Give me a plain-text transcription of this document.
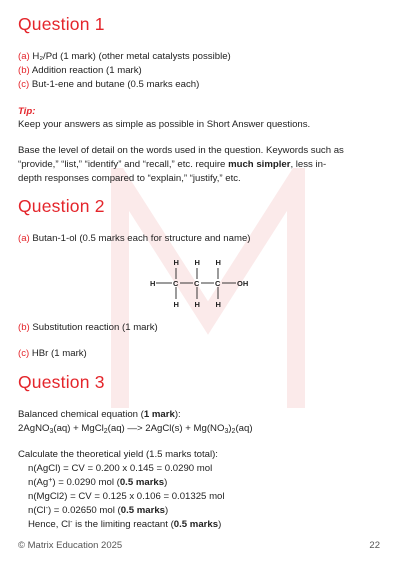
Question 1

(a) H₂/Pd (1 mark) (other metal catalysts possible)

(b) Addition reaction (1 mark)

(c) But-1-ene and butane (0.5 marks each)

Tip:

Keep your answers as simple as possible in Short Answer questions.

Base the level of detail on the words used in the question. Keywords such as

“provide,” “list,” “identify” and “recall,” etc. require much simpler, less in-

depth responses compared to “explain,” “justify,” etc.

Question 2

(a) Butan-1-ol (0.5 marks each for structure and name)

H C C C OH
H H H
H H H

(b) Substitution reaction (1 mark)

(c) HBr (1 mark)

Question 3

Balanced chemical equation (1 mark):

2AgNO$_3$(aq) + MgCl$_2$(aq) —> 2AgCl(s) + $Mg(NO_3)_2(aq)$

Calculate the theoretical yield (1.5 marks total):

n(AgCl) = CV = 0.200 x 0.145 = 0.0290 mol

n(Ag+) = 0.0290 mol (0.5 marks)

n(MgCl2) = CV = 0.125 x 0.106 = 0.01325 mol

n(Cl-) = 0.02650 mol (0.5 marks)

Hence, Cl- is the limiting reactant (0.5 marks)

© Matrix Education 2025	22
